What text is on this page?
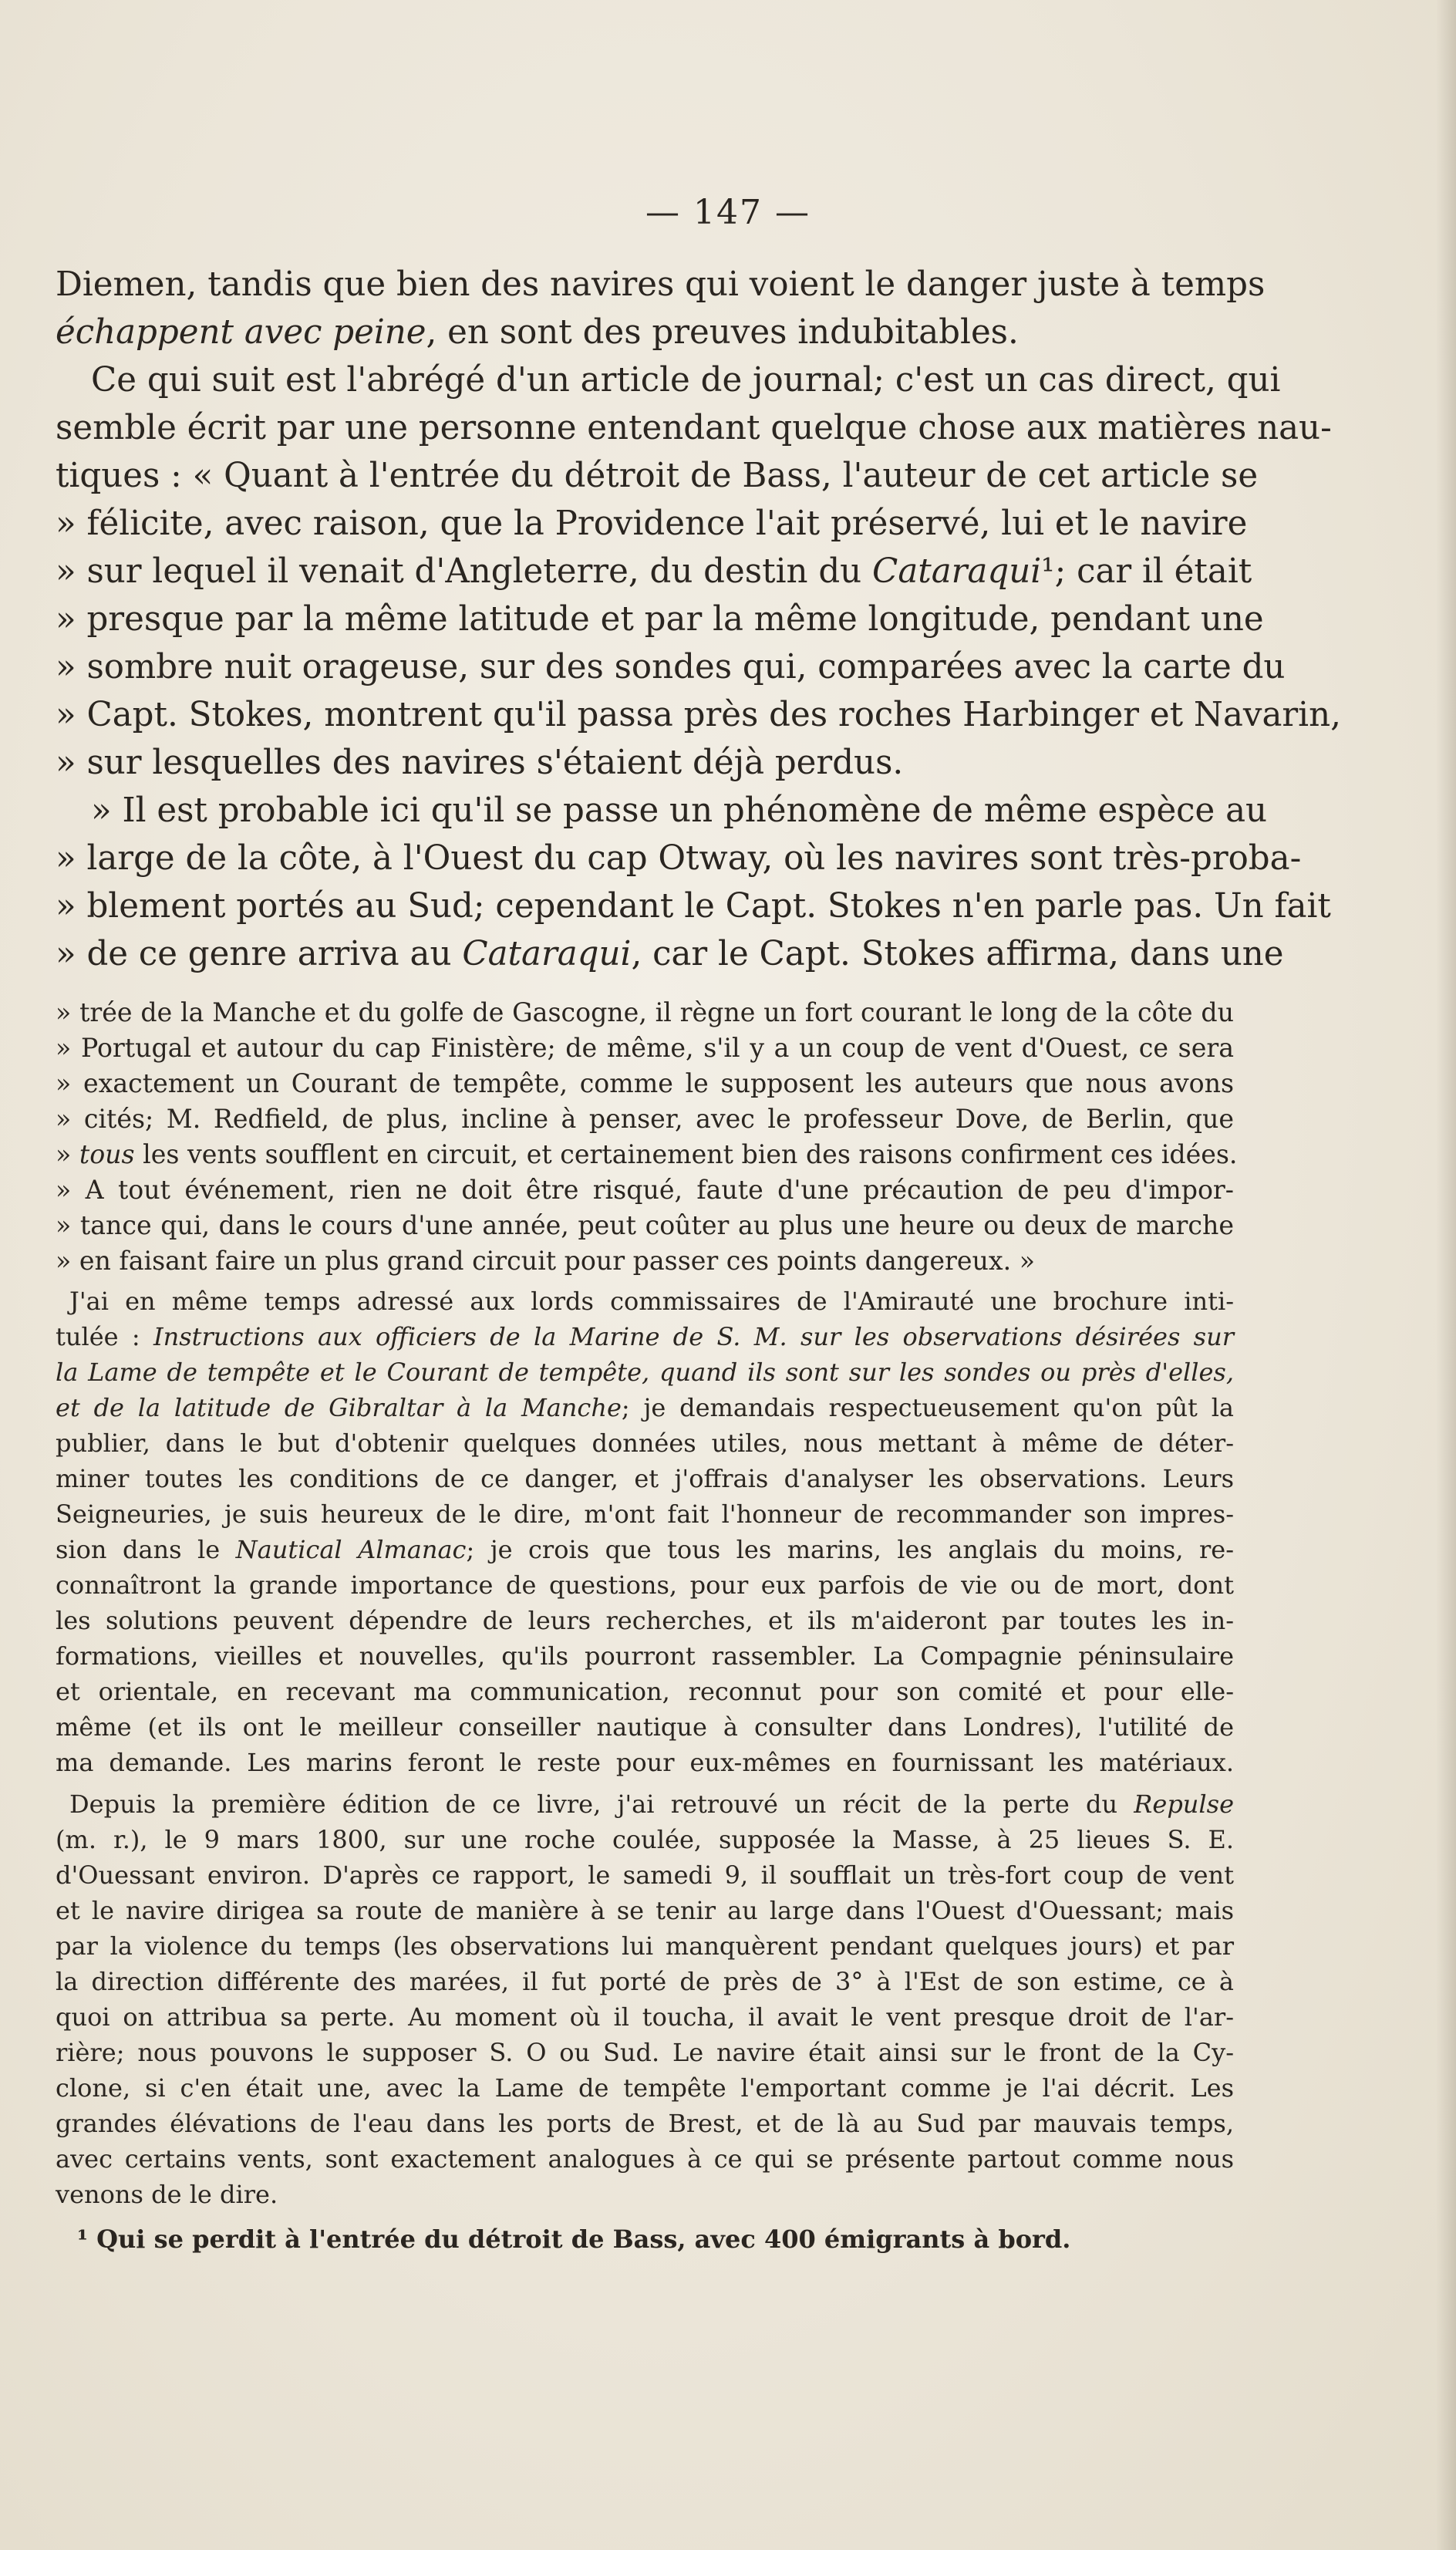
— 147 —

Diemen, tandis que bien des navires qui voient le danger juste à temps

échappent avec peine, en sont des preuves indubitables.

Ce qui suit est l'abrégé d'un article de journal; c'est un cas direct, qui

semble écrit par une personne entendant quelque chose aux matières nau-

tiques : « Quant à l'entrée du détroit de Bass, l'auteur de cet article se

» félicite, avec raison, que la Providence l'ait préservé, lui et le navire

» sur lequel il venait d'Angleterre, du destin du Cataraqui¹; car il était

» presque par la même latitude et par la même longitude, pendant une

» sombre nuit orageuse, sur des sondes qui, comparées avec la carte du

» Capt. Stokes, montrent qu'il passa près des roches Harbinger et Navarin,

» sur lesquelles des navires s'étaient déjà perdus.

» Il est probable ici qu'il se passe un phénomène de même espèce au

» large de la côte, à l'Ouest du cap Otway, où les navires sont très-proba-

» blement portés au Sud; cependant le Capt. Stokes n'en parle pas. Un fait

» de ce genre arriva au Cataraqui, car le Capt. Stokes affirma, dans une

» trée de la Manche et du golfe de Gascogne, il règne un fort courant le long de la côte du

» Portugal et autour du cap Finistère; de même, s'il y a un coup de vent d'Ouest, ce sera

» exactement un Courant de tempête, comme le supposent les auteurs que nous avons

» cités; M. Redfield, de plus, incline à penser, avec le professeur Dove, de Berlin, que

» tous les vents soufflent en circuit, et certainement bien des raisons confirment ces idées.

» A tout événement, rien ne doit être risqué, faute d'une précaution de peu d'impor-

» tance qui, dans le cours d'une année, peut coûter au plus une heure ou deux de marche

» en faisant faire un plus grand circuit pour passer ces points dangereux. »

J'ai en même temps adressé aux lords commissaires de l'Amirauté une brochure inti-

tulée : Instructions aux officiers de la Marine de S. M. sur les observations désirées sur

la Lame de tempête et le Courant de tempête, quand ils sont sur les sondes ou près d'elles,

et de la latitude de Gibraltar à la Manche; je demandais respectueusement qu'on pût la

publier, dans le but d'obtenir quelques données utiles, nous mettant à même de déter-

miner toutes les conditions de ce danger, et j'offrais d'analyser les observations. Leurs

Seigneuries, je suis heureux de le dire, m'ont fait l'honneur de recommander son impres-

sion dans le Nautical Almanac; je crois que tous les marins, les anglais du moins, re-

connaîtront la grande importance de questions, pour eux parfois de vie ou de mort, dont

les solutions peuvent dépendre de leurs recherches, et ils m'aideront par toutes les in-

formations, vieilles et nouvelles, qu'ils pourront rassembler. La Compagnie péninsulaire

et orientale, en recevant ma communication, reconnut pour son comité et pour elle-

même (et ils ont le meilleur conseiller nautique à consulter dans Londres), l'utilité de

ma demande. Les marins feront le reste pour eux-mêmes en fournissant les matériaux.

Depuis la première édition de ce livre, j'ai retrouvé un récit de la perte du Repulse

(m. r.), le 9 mars 1800, sur une roche coulée, supposée la Masse, à 25 lieues S. E.

d'Ouessant environ. D'après ce rapport, le samedi 9, il soufflait un très-fort coup de vent

et le navire dirigea sa route de manière à se tenir au large dans l'Ouest d'Ouessant; mais

par la violence du temps (les observations lui manquèrent pendant quelques jours) et par

la direction différente des marées, il fut porté de près de 3° à l'Est de son estime, ce à

quoi on attribua sa perte. Au moment où il toucha, il avait le vent presque droit de l'ar-

rière; nous pouvons le supposer S. O ou Sud. Le navire était ainsi sur le front de la Cy-

clone, si c'en était une, avec la Lame de tempête l'emportant comme je l'ai décrit. Les

grandes élévations de l'eau dans les ports de Brest, et de là au Sud par mauvais temps,

avec certains vents, sont exactement analogues à ce qui se présente partout comme nous

venons de le dire.

¹ Qui se perdit à l'entrée du détroit de Bass, avec 400 émigrants à bord.
